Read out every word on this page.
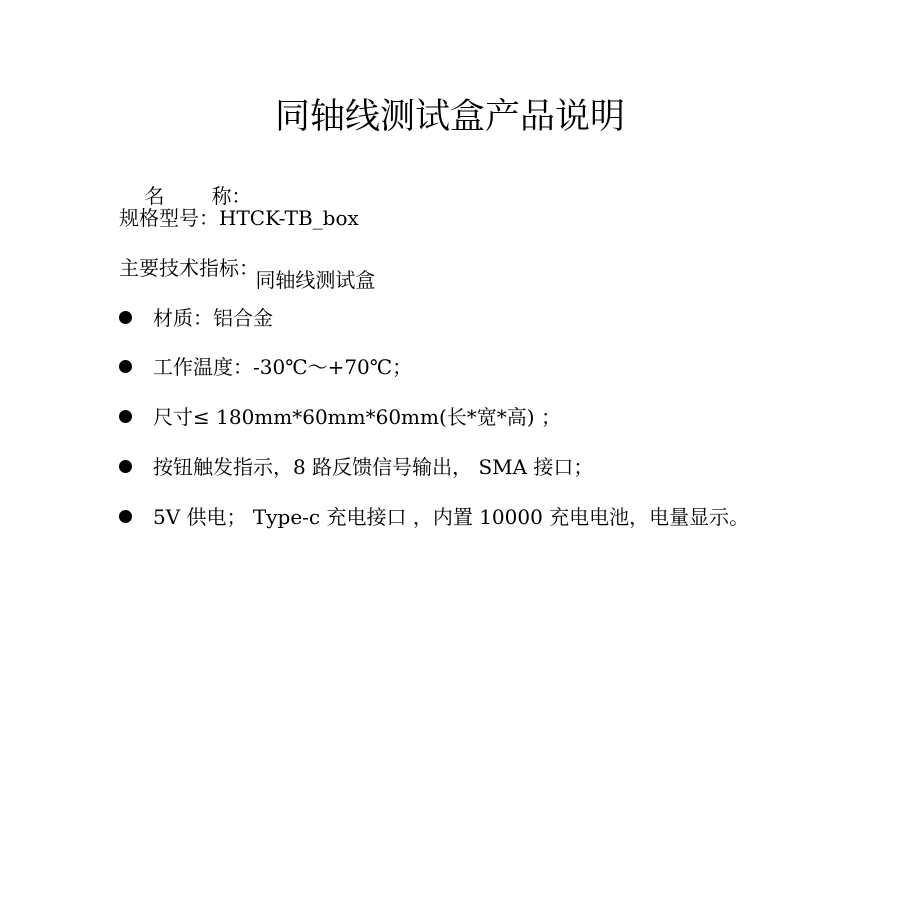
同轴线测试盒产品说明

名

称：

同轴线测试盒

规格型号：HTCK-TB_box
主要技术指标：

材质：铝合金

工作温度：-30℃～+70℃；

尺寸≤ 180mm*60mm*60mm(长*宽*高) ；

按钮触发指示，8 路反馈信号输出， SMA 接口；

5V 供电； Type-c 充电接口 ，内置 10000 充电电池，电量显示。
